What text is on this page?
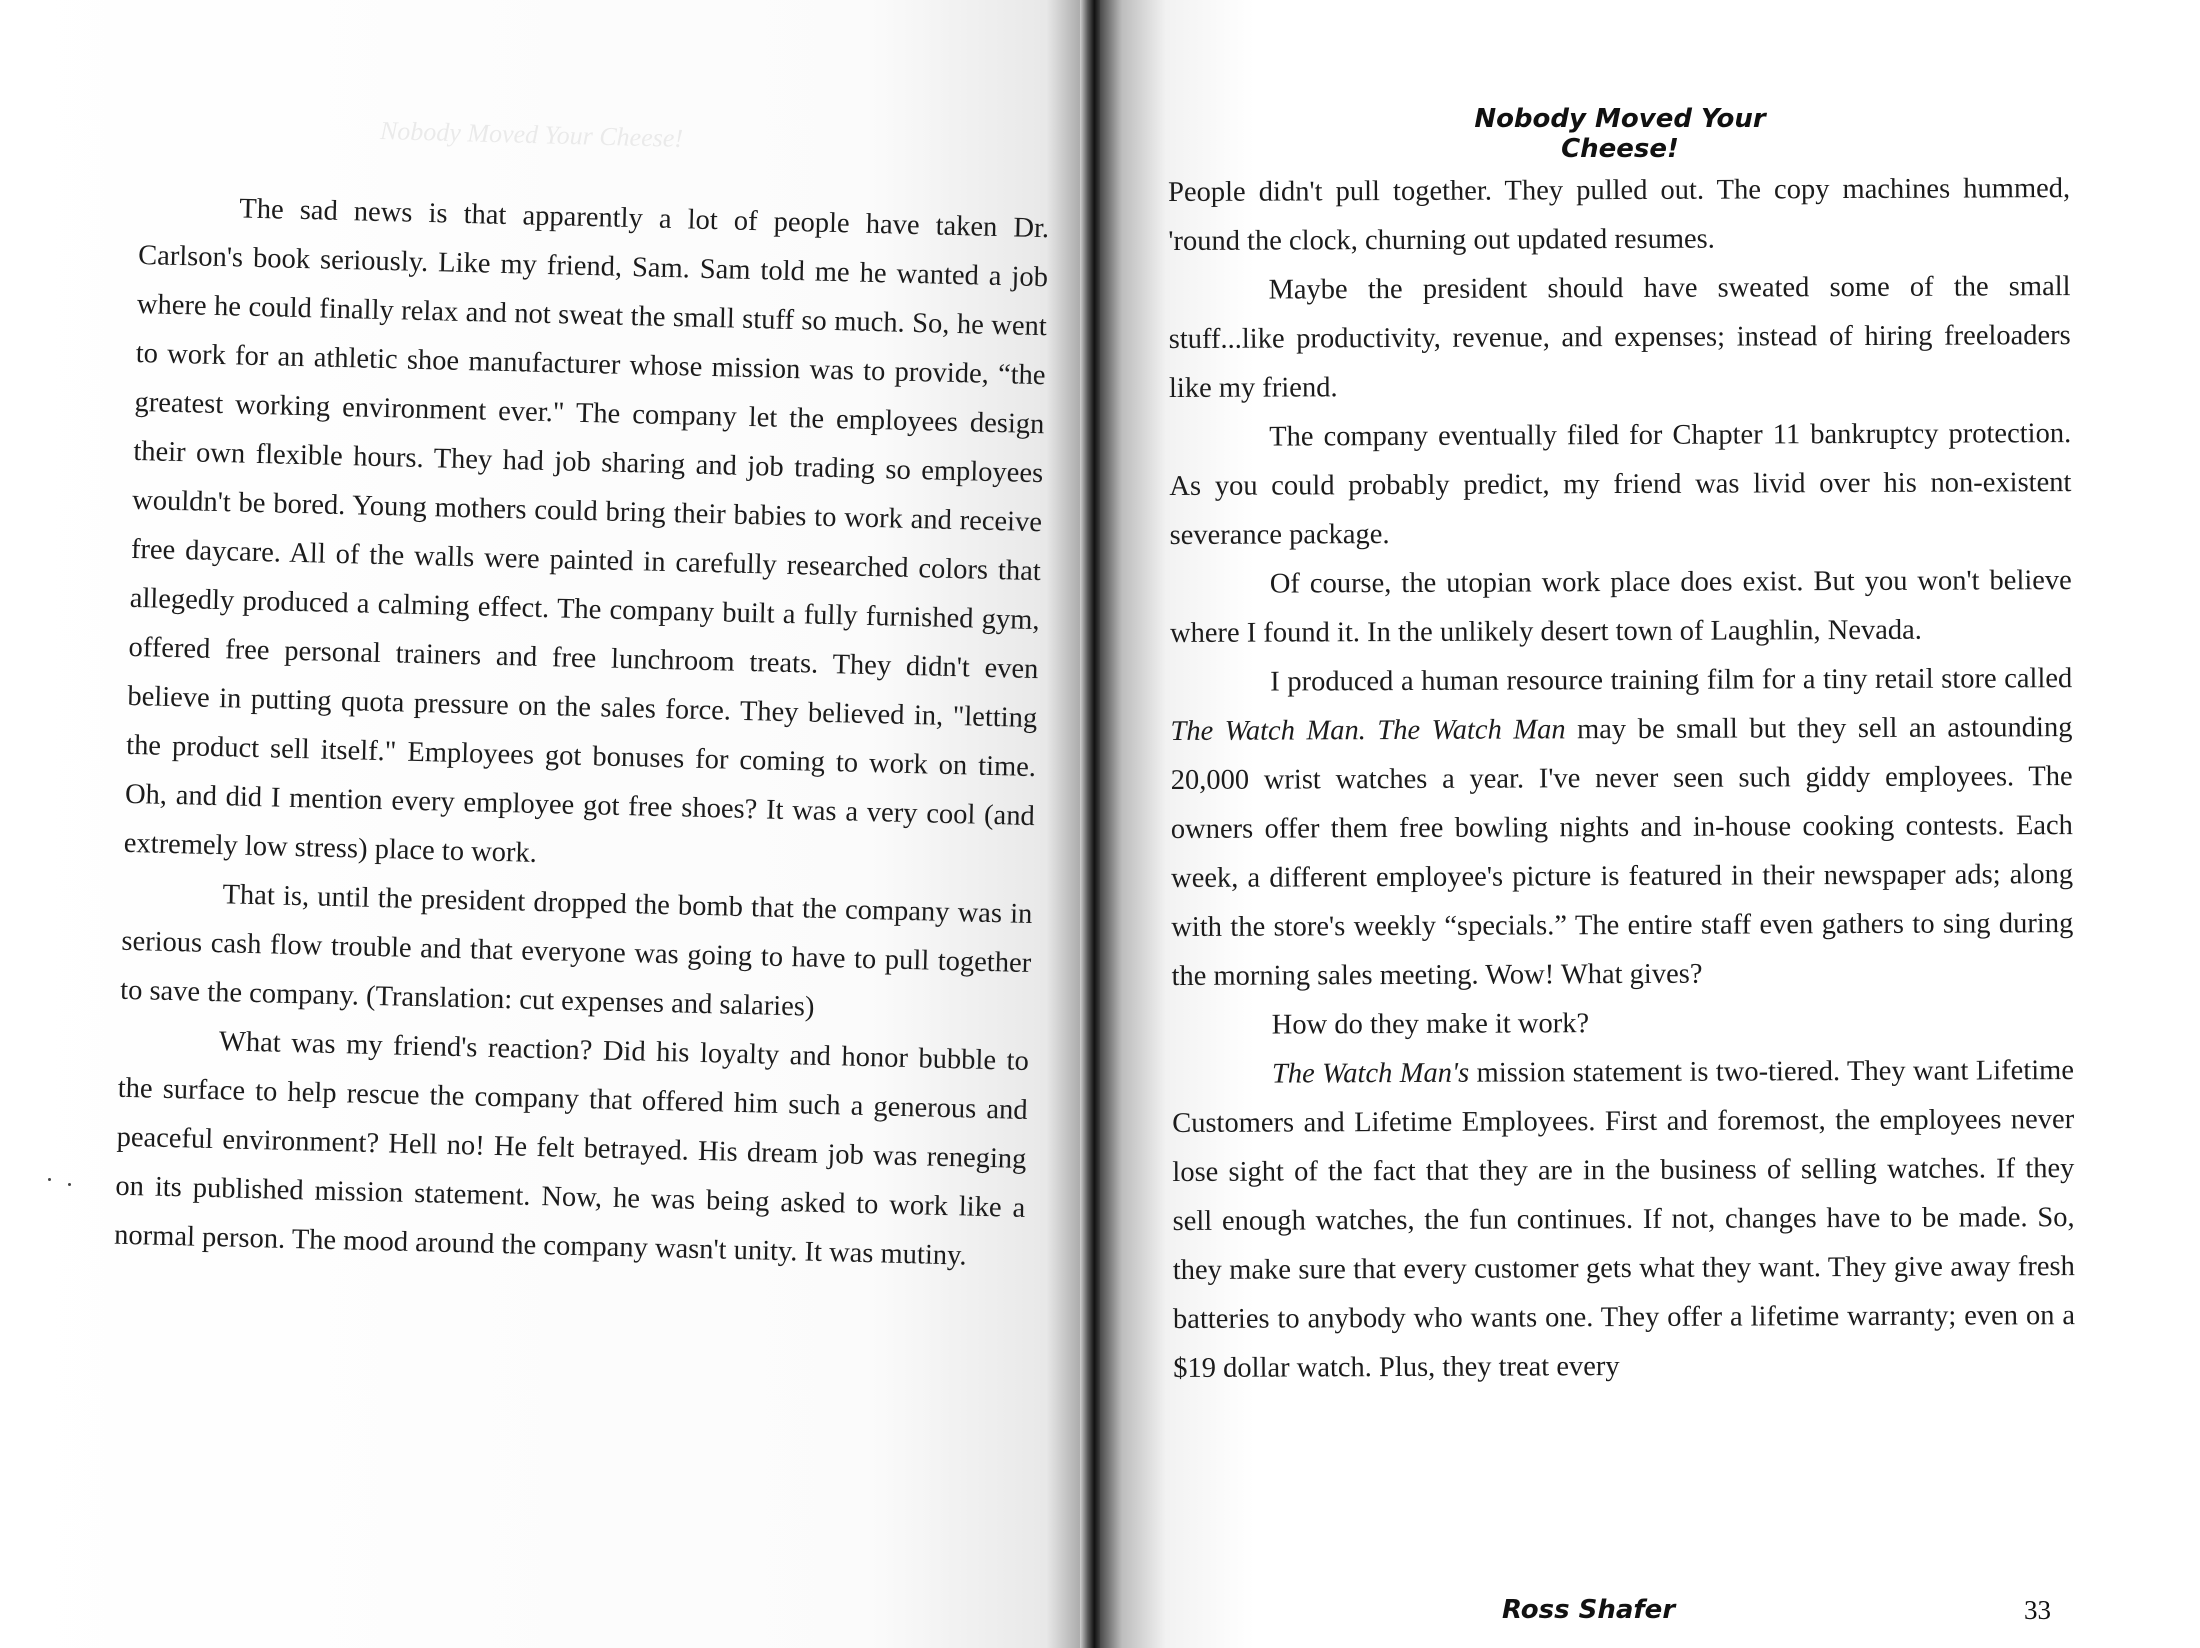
Nobody Moved Your Cheese!

The sad news is that apparently a lot of people have taken Dr. Carlson's book seriously. Like my friend, Sam. Sam told me he wanted a job where he could finally relax and not sweat the small stuff so much. So, he went to work for an athletic shoe manufacturer whose mission was to provide, “the greatest working environment ever." The company let the employees design their own flexible hours. They had job sharing and job trading so employees wouldn't be bored. Young mothers could bring their babies to work and receive free daycare. All of the walls were painted in carefully researched colors that allegedly produced a calming effect. The company built a fully furnished gym, offered free personal trainers and free lunchroom treats. They didn't even believe in putting quota pressure on the sales force. They believed in, "letting the product sell itself." Employees got bonuses for coming to work on time. Oh, and did I mention every employee got free shoes? It was a very cool (and extremely low stress) place to work.

That is, until the president dropped the bomb that the company was in serious cash flow trouble and that everyone was going to have to pull together to save the company. (Translation: cut expenses and salaries)

What was my friend's reaction? Did his loyalty and honor bubble to the surface to help rescue the company that offered him such a generous and peaceful environment? Hell no! He felt betrayed. His dream job was reneging on its published mission statement. Now, he was being asked to work like a normal person. The mood around the company wasn't unity. It was mutiny.

Nobody Moved Your Cheese!

People didn't pull together. They pulled out. The copy machines hummed, 'round the clock, churning out updated resumes.

Maybe the president should have sweated some of the small stuff...like productivity, revenue, and expenses; instead of hiring freeloaders like my friend.

The company eventually filed for Chapter 11 bankruptcy protection. As you could probably predict, my friend was livid over his non-existent severance package.

Of course, the utopian work place does exist. But you won't believe where I found it. In the unlikely desert town of Laughlin, Nevada.

I produced a human resource training film for a tiny retail store called The Watch Man. The Watch Man may be small but they sell an astounding 20,000 wrist watches a year. I've never seen such giddy employees. The owners offer them free bowling nights and in-house cooking contests. Each week, a different employee's picture is featured in their newspaper ads; along with the store's weekly “specials.” The entire staff even gathers to sing during the morning sales meeting. Wow! What gives?

How do they make it work?

The Watch Man's mission statement is two-tiered. They want Lifetime Customers and Lifetime Employees. First and foremost, the employees never lose sight of the fact that they are in the business of selling watches. If they sell enough watches, the fun continues. If not, changes have to be made. So, they make sure that every customer gets what they want. They give away fresh batteries to anybody who wants one. They offer a lifetime warranty; even on a $19 dollar watch. Plus, they treat every

Ross Shafer	33
